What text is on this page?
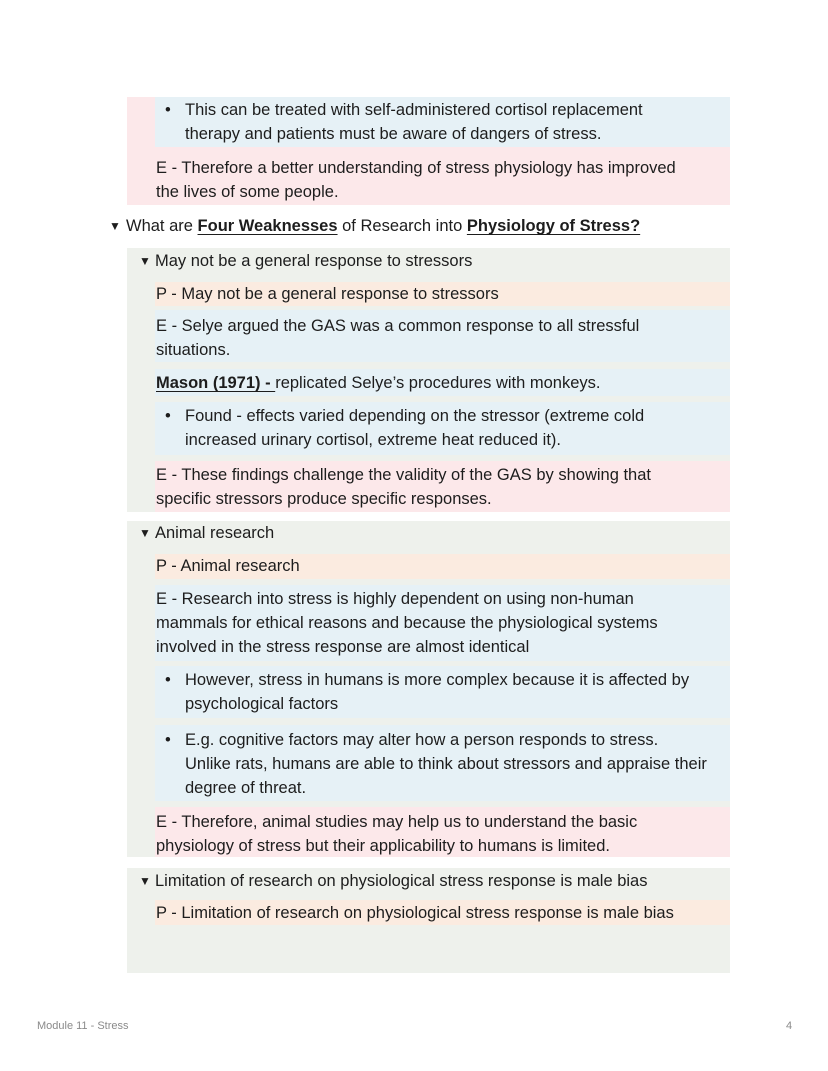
• This can be treated with self-administered cortisol replacement
therapy and patients must be aware of dangers of stress.
E - Therefore a better understanding of stress physiology has improved
the lives of some people.
▼ What are Four Weaknesses of Research into Physiology of Stress?
▼ May not be a general response to stressors
P - May not be a general response to stressors
E - Selye argued the GAS was a common response to all stressful
situations.
Mason (1971) - replicated Selye’s procedures with monkeys.
• Found - effects varied depending on the stressor (extreme cold
increased urinary cortisol, extreme heat reduced it).
E - These findings challenge the validity of the GAS by showing that
specific stressors produce specific responses.
▼ Animal research
P - Animal research
E - Research into stress is highly dependent on using non-human
mammals for ethical reasons and because the physiological systems
involved in the stress response are almost identical
• However, stress in humans is more complex because it is affected by
psychological factors
• E.g. cognitive factors may alter how a person responds to stress.
Unlike rats, humans are able to think about stressors and appraise their
degree of threat.
E - Therefore, animal studies may help us to understand the basic
physiology of stress but their applicability to humans is limited.
▼ Limitation of research on physiological stress response is male bias
P - Limitation of research on physiological stress response is male bias
Module 11 - Stress	4
